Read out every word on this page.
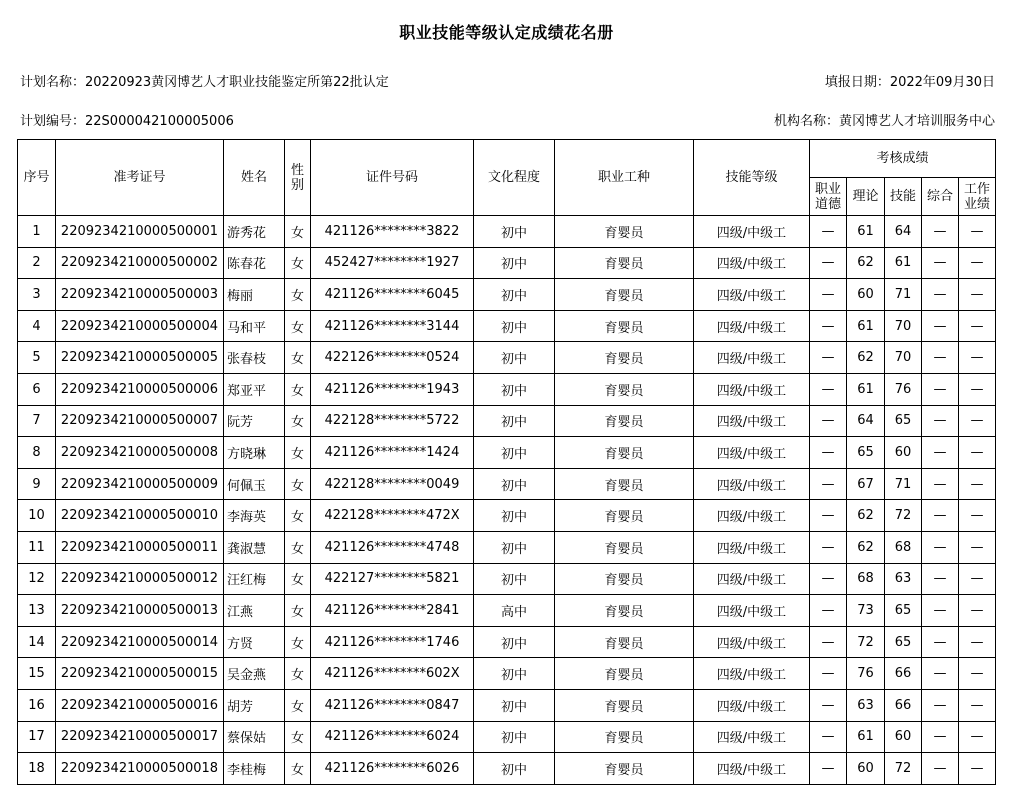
职业技能等级认定成绩花名册
计划名称：20220923黄冈博艺人才职业技能鉴定所第22批认定	填报日期：2022年09月30日
计划编号：22S000042100005006	机构名称：黄冈博艺人才培训服务中心
序号	准考证号	姓名	性别	证件号码	文化程度	职业工种	技能等级	考核成绩				
								职业道德	理论	技能	综合	工作业绩
1	2209234210000500001	游秀花	女	421126********3822	初中	育婴员	四级/中级工	—	61	64	—	—
2	2209234210000500002	陈春花	女	452427********1927	初中	育婴员	四级/中级工	—	62	61	—	—
3	2209234210000500003	梅丽	女	421126********6045	初中	育婴员	四级/中级工	—	60	71	—	—
4	2209234210000500004	马和平	女	421126********3144	初中	育婴员	四级/中级工	—	61	70	—	—
5	2209234210000500005	张春枝	女	422126********0524	初中	育婴员	四级/中级工	—	62	70	—	—
6	2209234210000500006	郑亚平	女	421126********1943	初中	育婴员	四级/中级工	—	61	76	—	—
7	2209234210000500007	阮芳	女	422128********5722	初中	育婴员	四级/中级工	—	64	65	—	—
8	2209234210000500008	方晓琳	女	421126********1424	初中	育婴员	四级/中级工	—	65	60	—	—
9	2209234210000500009	何佩玉	女	422128********0049	初中	育婴员	四级/中级工	—	67	71	—	—
10	2209234210000500010	李海英	女	422128********472X	初中	育婴员	四级/中级工	—	62	72	—	—
11	2209234210000500011	龚淑慧	女	421126********4748	初中	育婴员	四级/中级工	—	62	68	—	—
12	2209234210000500012	汪红梅	女	422127********5821	初中	育婴员	四级/中级工	—	68	63	—	—
13	2209234210000500013	江燕	女	421126********2841	高中	育婴员	四级/中级工	—	73	65	—	—
14	2209234210000500014	方贤	女	421126********1746	初中	育婴员	四级/中级工	—	72	65	—	—
15	2209234210000500015	吴金燕	女	421126********602X	初中	育婴员	四级/中级工	—	76	66	—	—
16	2209234210000500016	胡芳	女	421126********0847	初中	育婴员	四级/中级工	—	63	66	—	—
17	2209234210000500017	蔡保姑	女	421126********6024	初中	育婴员	四级/中级工	—	61	60	—	—
18	2209234210000500018	李桂梅	女	421126********6026	初中	育婴员	四级/中级工	—	60	72	—	—
